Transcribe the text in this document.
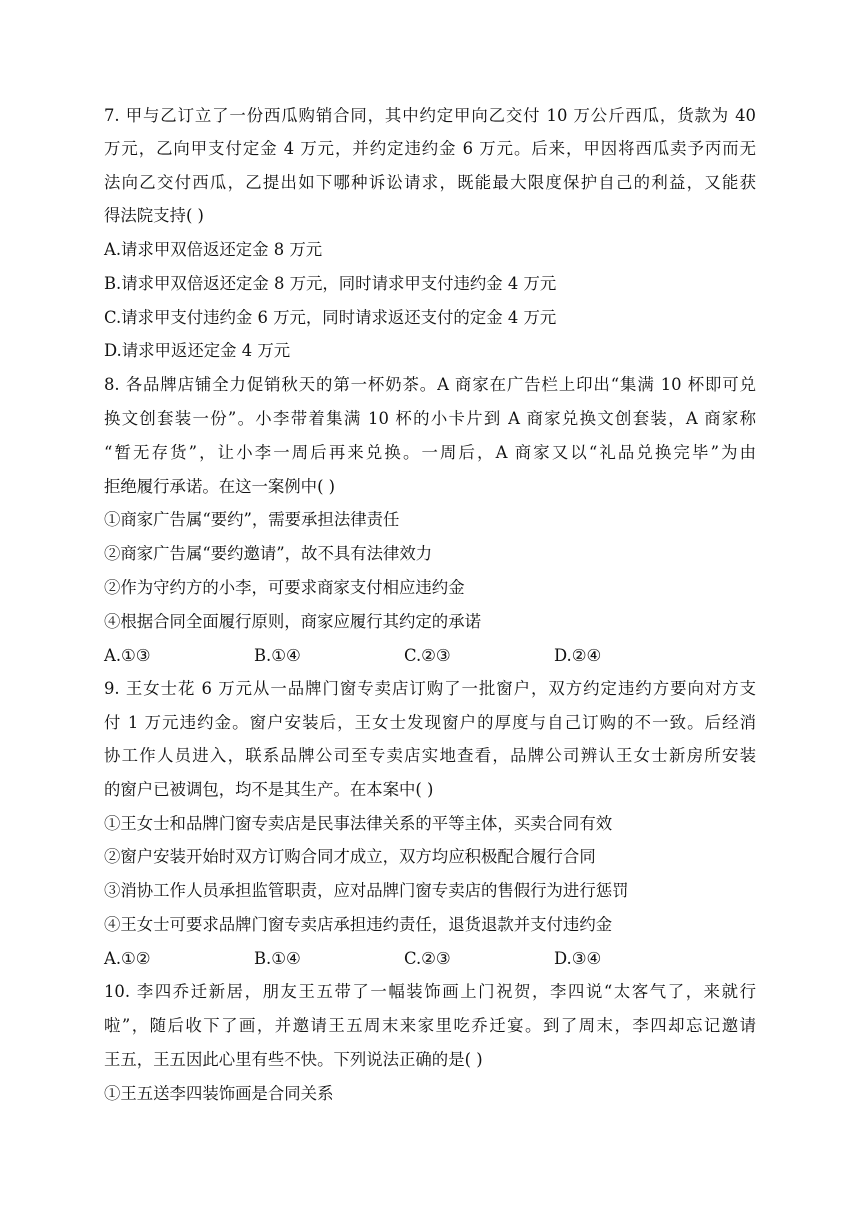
7. 甲与乙订立了一份西瓜购销合同，其中约定甲向乙交付 10 万公斤西瓜，货款为 40
万元，乙向甲支付定金 4 万元，并约定违约金 6 万元。后来，甲因将西瓜卖予丙而无
法向乙交付西瓜，乙提出如下哪种诉讼请求，既能最大限度保护自己的利益，又能获
得法院支持( )
A.请求甲双倍返还定金 8 万元
B.请求甲双倍返还定金 8 万元，同时请求甲支付违约金 4 万元
C.请求甲支付违约金 6 万元，同时请求返还支付的定金 4 万元
D.请求甲返还定金 4 万元
8. 各品牌店铺全力促销秋天的第一杯奶茶。A 商家在广告栏上印出“集满 10 杯即可兑
换文创套装一份”。小李带着集满 10 杯的小卡片到 A 商家兑换文创套装，A 商家称
“暂无存货”，让小李一周后再来兑换。一周后，A 商家又以“礼品兑换完毕”为由
拒绝履行承诺。在这一案例中( )
①商家广告属“要约”，需要承担法律责任
②商家广告属“要约邀请”，故不具有法律效力
②作为守约方的小李，可要求商家支付相应违约金
④根据合同全面履行原则，商家应履行其约定的承诺
A.①③	B.①④	C.②③	D.②④
9. 王女士花 6 万元从一品牌门窗专卖店订购了一批窗户，双方约定违约方要向对方支
付 1 万元违约金。窗户安装后，王女士发现窗户的厚度与自己订购的不一致。后经消
协工作人员进入，联系品牌公司至专卖店实地查看，品牌公司辨认王女士新房所安装
的窗户已被调包，均不是其生产。在本案中( )
①王女士和品牌门窗专卖店是民事法律关系的平等主体，买卖合同有效
②窗户安装开始时双方订购合同才成立，双方均应积极配合履行合同
③消协工作人员承担监管职责，应对品牌门窗专卖店的售假行为进行惩罚
④王女士可要求品牌门窗专卖店承担违约责任，退货退款并支付违约金
A.①②	B.①④	C.②③	D.③④
10. 李四乔迁新居，朋友王五带了一幅装饰画上门祝贺，李四说“太客气了，来就行
啦”，随后收下了画，并邀请王五周末来家里吃乔迁宴。到了周末，李四却忘记邀请
王五，王五因此心里有些不快。下列说法正确的是( )
①王五送李四装饰画是合同关系
